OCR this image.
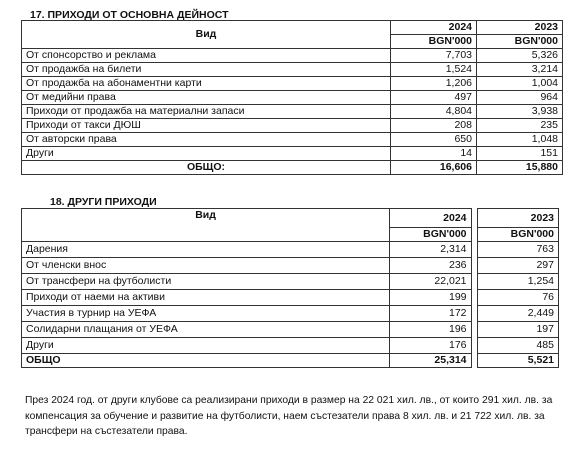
17. ПРИХОДИ ОТ ОСНОВНА ДЕЙНОСТ
Вид	2024	2023
	BGN'000	BGN'000
От спонсорство и реклама	7,703	5,326
От продажба на билети	1,524	3,214
От продажба на абонаментни карти	1,206	1,004
От медийни права	497	964
Приходи от продажба на материални запаси	4,804	3,938
Приходи от такси ДЮШ	208	235
От авторски права	650	1,048
Други	14	151
ОБЩО:	16,606	15,880
18. ДРУГИ ПРИХОДИ
Вид	2024		2023
	BGN'000		BGN'000
Дарения	2,314		763
От членски внос	236		297
От трансфери на футболисти	22,021		1,254
Приходи от наеми на активи	199		76
Участия в турнир на УЕФА	172		2,449
Солидарни плащания от УЕФА	196		197
Други	176		485
ОБЩО	25,314		5,521
През 2024 год. от други клубове са реализирани приходи в размер на 22 021 хил. лв., от които 291 хил. лв. за компенсация за обучение и развитие на футболисти, наем състезатели права 8 хил. лв. и 21 722 хил. лв. за трансфери на състезатели права.
